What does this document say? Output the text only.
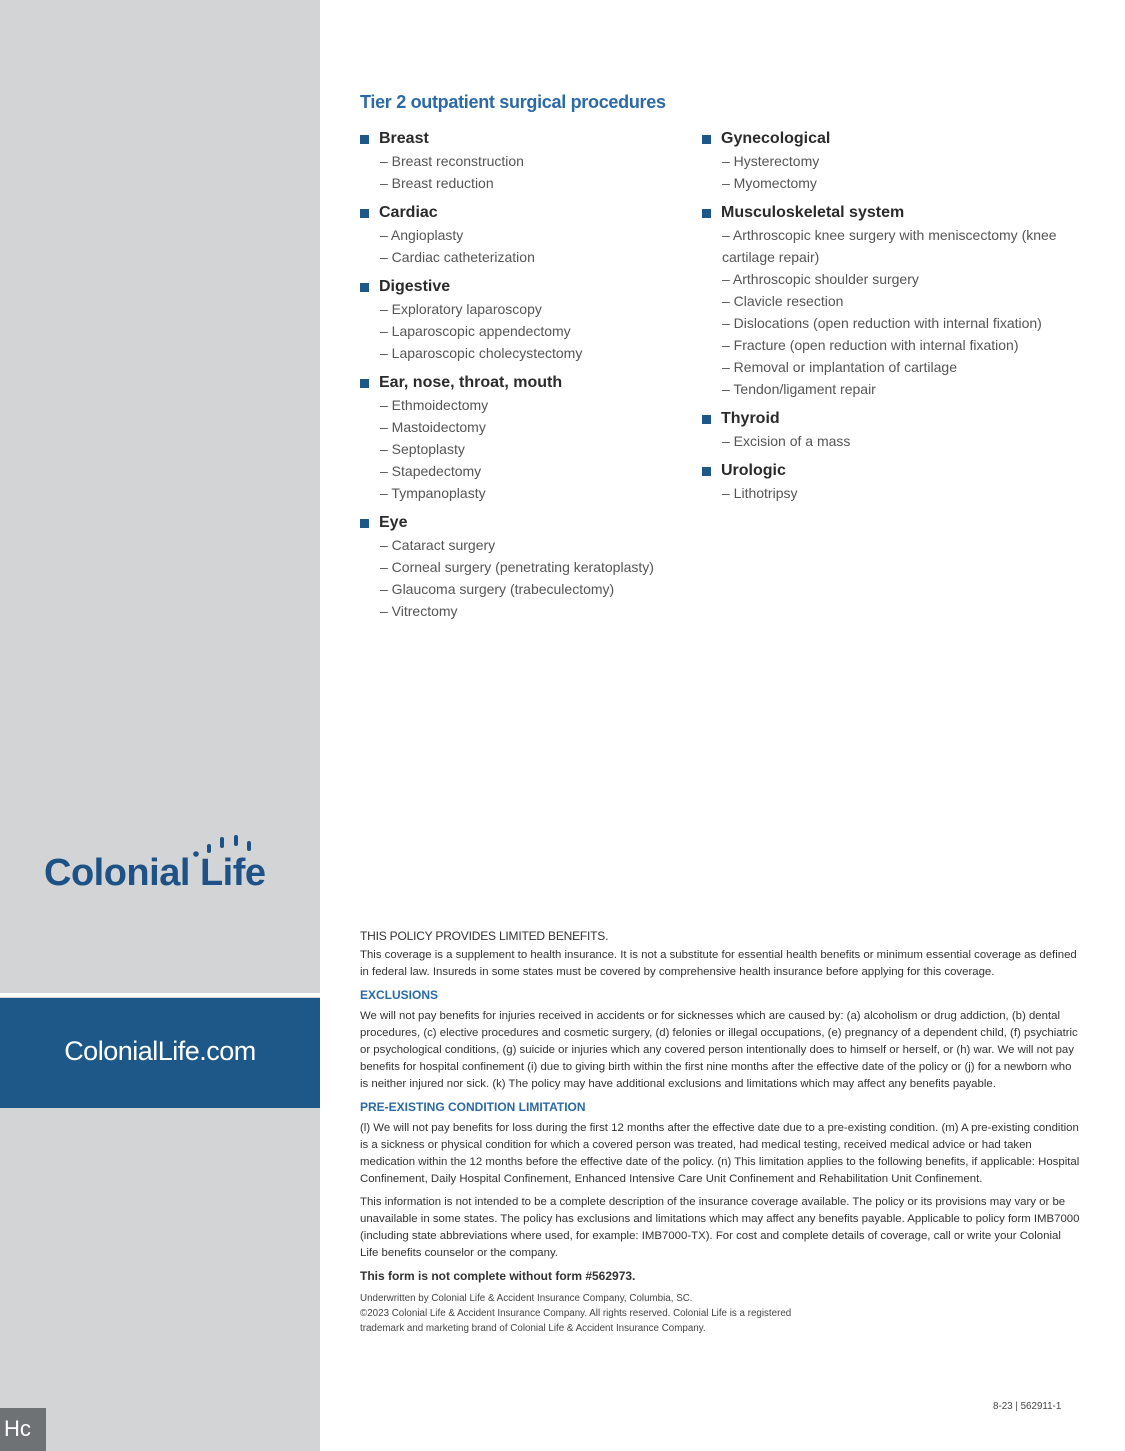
Colonial Life
ColonialLife.com
Hc
Tier 2 outpatient surgical procedures
Breast
– Breast reconstruction
– Breast reduction
Cardiac
– Angioplasty
– Cardiac catheterization
Digestive
– Exploratory laparoscopy
– Laparoscopic appendectomy
– Laparoscopic cholecystectomy
Ear, nose, throat, mouth
– Ethmoidectomy
– Mastoidectomy
– Septoplasty
– Stapedectomy
– Tympanoplasty
Eye
– Cataract surgery
– Corneal surgery (penetrating keratoplasty)
– Glaucoma surgery (trabeculectomy)
– Vitrectomy
Gynecological
– Hysterectomy
– Myomectomy
Musculoskeletal system
– Arthroscopic knee surgery with meniscectomy (knee cartilage repair)
– Arthroscopic shoulder surgery
– Clavicle resection
– Dislocations (open reduction with internal fixation)
– Fracture (open reduction with internal fixation)
– Removal or implantation of cartilage
– Tendon/ligament repair
Thyroid
– Excision of a mass
Urologic
– Lithotripsy

THIS POLICY PROVIDES LIMITED BENEFITS.

This coverage is a supplement to health insurance. It is not a substitute for essential health benefits or minimum essential coverage as defined in federal law. Insureds in some states must be covered by comprehensive health insurance before applying for this coverage.

EXCLUSIONS

We will not pay benefits for injuries received in accidents or for sicknesses which are caused by: (a) alcoholism or drug addiction, (b) dental procedures, (c) elective procedures and cosmetic surgery, (d) felonies or illegal occupations, (e) pregnancy of a dependent child, (f) psychiatric or psychological conditions, (g) suicide or injuries which any covered person intentionally does to himself or herself, or (h) war. We will not pay benefits for hospital confinement (i) due to giving birth within the first nine months after the effective date of the policy or (j) for a newborn who is neither injured nor sick. (k) The policy may have additional exclusions and limitations which may affect any benefits payable.

PRE-EXISTING CONDITION LIMITATION

(l) We will not pay benefits for loss during the first 12 months after the effective date due to a pre-existing condition. (m) A pre-existing condition is a sickness or physical condition for which a covered person was treated, had medical testing, received medical advice or had taken medication within the 12 months before the effective date of the policy. (n) This limitation applies to the following benefits, if applicable: Hospital Confinement, Daily Hospital Confinement, Enhanced Intensive Care Unit Confinement and Rehabilitation Unit Confinement.

This information is not intended to be a complete description of the insurance coverage available. The policy or its provisions may vary or be unavailable in some states. The policy has exclusions and limitations which may affect any benefits payable. Applicable to policy form IMB7000 (including state abbreviations where used, for example: IMB7000-TX). For cost and complete details of coverage, call or write your Colonial Life benefits counselor or the company.

This form is not complete without form #562973.

Underwritten by Colonial Life & Accident Insurance Company, Columbia, SC.
©2023 Colonial Life & Accident Insurance Company. All rights reserved. Colonial Life is a registered trademark and marketing brand of Colonial Life & Accident Insurance Company.
8-23 | 562911-1
